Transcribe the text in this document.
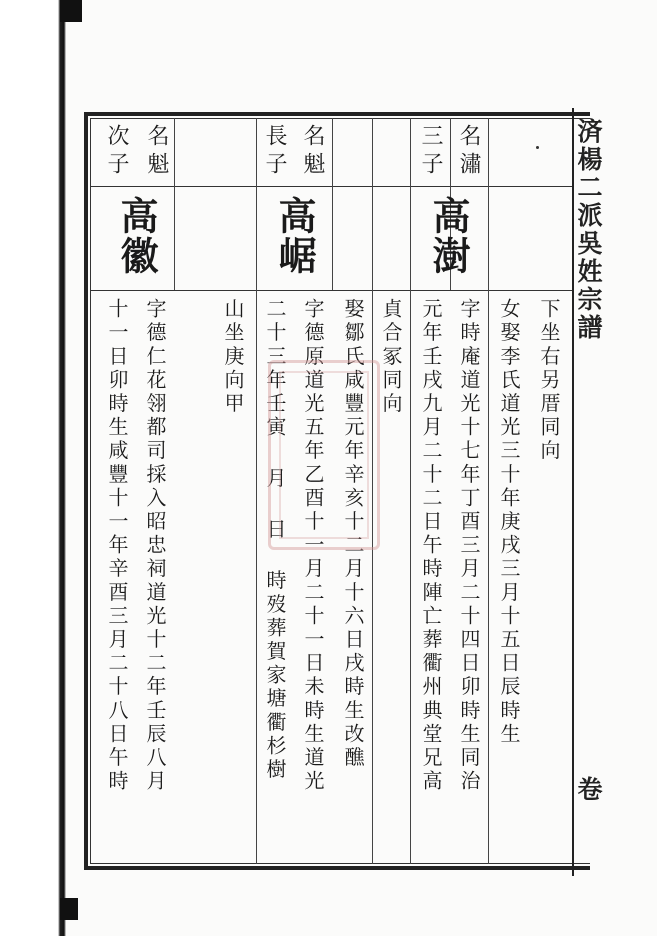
済楊二派吳姓宗譜
卷
名
潚
三子
高澍
字時庵道光十七年丁酉三月二十四日卯時生同治
元年壬戌九月二十二日午時陣亡葬衢州典堂兄高	下坐右另厝同向
女娶李氏道光三十年庚戌三月十五日辰時生
名
魁
長子
高崌
貞合冢同向
娶鄒氏咸豐元年辛亥十二月十六日戌時生改醮
字德原道光五年乙酉十一月二十一日未時生道光
二十三年壬寅 月 日 時歿葬賀家塘衢杉樹
山坐庚向甲
名
魁
次子
高徽
字德仁花翎都司採入昭忠祠道光十二年壬辰八月
十一日卯時生咸豐十一年辛酉三月二十八日午時
